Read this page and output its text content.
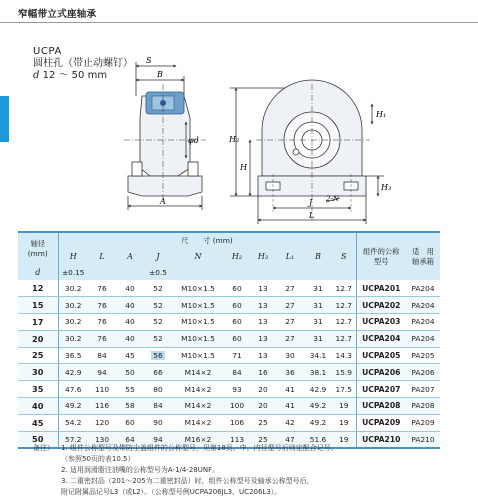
窄幅带立式座轴承
UCPA
圆柱孔（带止动螺钉）
d 12 ～ 50 mm
S
B
φd
A
H₂
H
J
L
2-N
H₃
H₁
轴径
(mm)	尺　　寸 (mm)										组件的公称型号	适　用轴承箱
	H	L	A	J	N	H₂	H₃	L₁	B	S		
d	±0.15			±0.5								
12	30.2	76	40	52	M10×1.5	60	13	27	31	12.7	UCPA201	PA204
15	30.2	76	40	52	M10×1.5	60	13	27	31	12.7	UCPA202	PA204
17	30.2	76	40	52	M10×1.5	60	13	27	31	12.7	UCPA203	PA204
20	30.2	76	40	52	M10×1.5	60	13	27	31	12.7	UCPA204	PA204
25	36.5	84	45	56	M10×1.5	71	13	30	34.1	14.3	UCPA205	PA205
30	42.9	94	50	66	M14×2	84	16	36	38.1	15.9	UCPA206	PA206
35	47.6	110	55	80	M14×2	93	20	41	42.9	17.5	UCPA207	PA207
40	49.2	116	58	84	M14×2	100	20	41	49.2	19	UCPA208	PA208
45	54.2	120	60	90	M14×2	106	25	42	49.2	19	UCPA209	PA209
50	57.2	130	64	94	M16×2	113	25	47	51.6	19	UCPA210	PA210
备注） 1. 组件公称型号及带防尘盖组件的公称型号，见第18页。中，内径型号后则定配合记号。
（参照50页的表10.5）
2. 适用润滑脂注油嘴的公称型号为A-1/4-28UNF。
3. 二重密封品（201～205为二重密封品）时，组件公称型号及轴承公称型号后，
附记附属品记号L3（或L2）。（公称型号例UCPA206JL3、UC206L3）。
